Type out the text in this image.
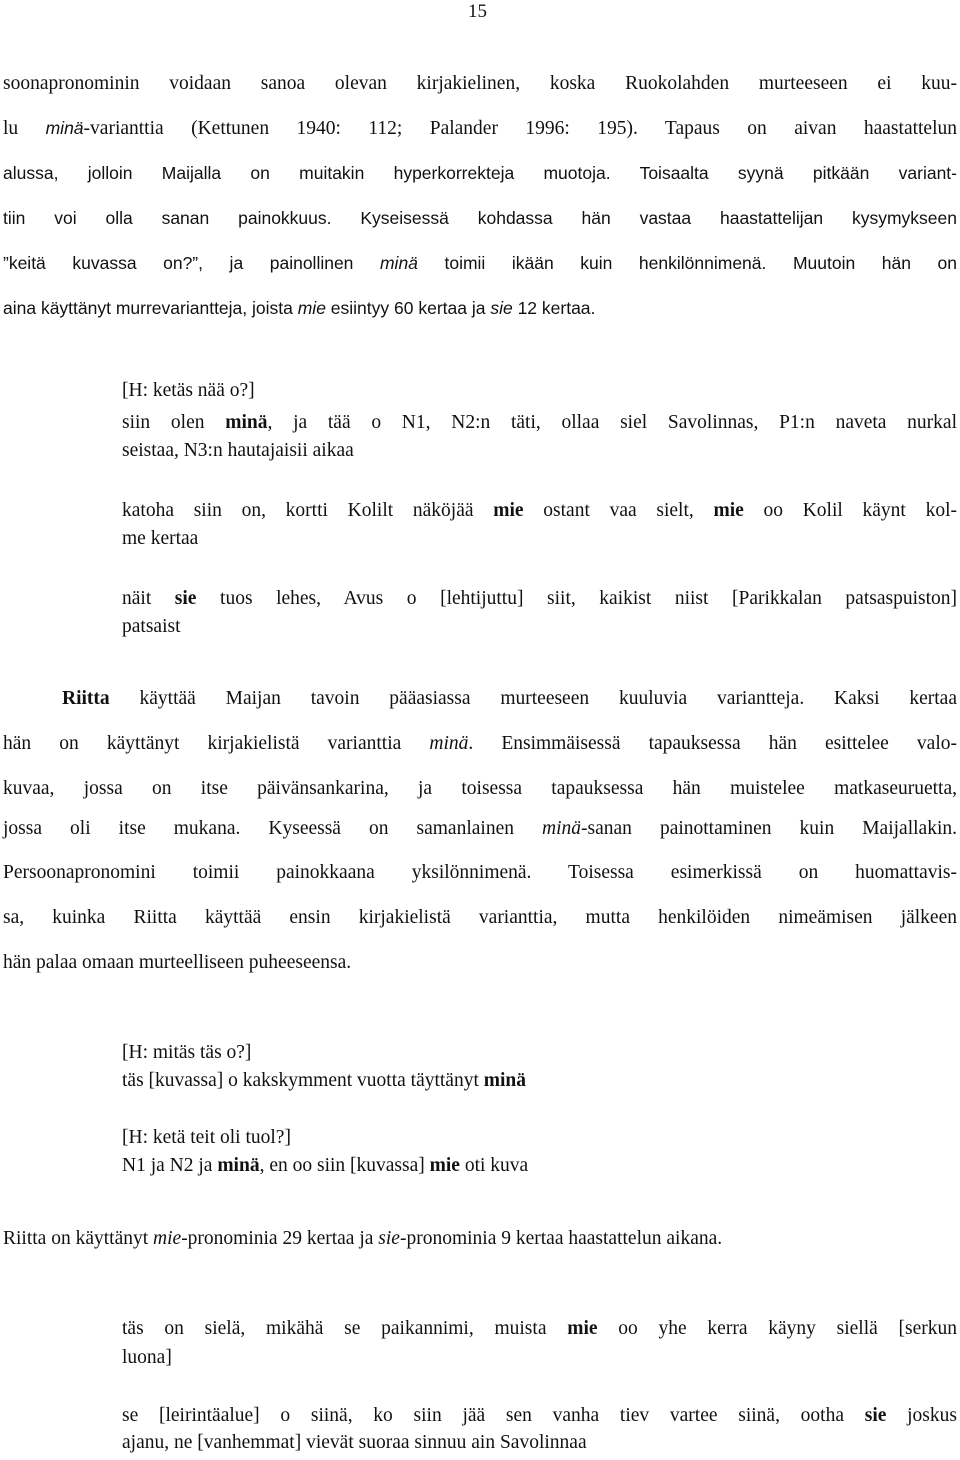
15
soonapronominin voidaan sanoa olevan kirjakielinen, koska Ruokolahden murteeseen ei kuu-
lu minä-varianttia (Kettunen 1940: 112; Palander 1996: 195). Tapaus on aivan haastattelun
alussa, jolloin Maijalla on muitakin hyperkorrekteja muotoja. Toisaalta syynä pitkään variant-
tiin voi olla sanan painokkuus. Kyseisessä kohdassa hän vastaa haastattelijan kysymykseen
”keitä kuvassa on?”, ja painollinen minä toimii ikään kuin henkilönnimenä. Muutoin hän on
aina käyttänyt murrevariantteja, joista mie esiintyy 60 kertaa ja sie 12 kertaa.
[H: ketäs nää o?]
siin olen minä, ja tää o N1, N2:n täti, ollaa siel Savolinnas, P1:n naveta nurkal
seistaa, N3:n hautajaisii aikaa
katoha siin on, kortti Kolilt näköjää mie ostant vaa sielt, mie oo Kolil käynt kol-
me kertaa
näit sie tuos lehes, Avus o [lehtijuttu] siit, kaikist niist [Parikkalan patsaspuiston]
patsaist
Riitta käyttää Maijan tavoin pääasiassa murteeseen kuuluvia variantteja. Kaksi kertaa
hän on käyttänyt kirjakielistä varianttia minä. Ensimmäisessä tapauksessa hän esittelee valo-
kuvaa, jossa on itse päivänsankarina, ja toisessa tapauksessa hän muistelee matkaseuruetta,
jossa oli itse mukana. Kyseessä on samanlainen minä-sanan painottaminen kuin Maijallakin.
Persoonapronomini toimii painokkaana yksilönnimenä. Toisessa esimerkissä on huomattavis-
sa, kuinka Riitta käyttää ensin kirjakielistä varianttia, mutta henkilöiden nimeämisen jälkeen
hän palaa omaan murteelliseen puheeseensa.
[H: mitäs täs o?]
täs [kuvassa] o kakskymment vuotta täyttänyt minä
[H: ketä teit oli tuol?]
N1 ja N2 ja minä, en oo siin [kuvassa] mie oti kuva
Riitta on käyttänyt mie-pronominia 29 kertaa ja sie-pronominia 9 kertaa haastattelun aikana.
täs on sielä, mikähä se paikannimi, muista mie oo yhe kerra käyny siellä [serkun
luona]
se [leirintäalue] o siinä, ko siin jää sen vanha tiev vartee siinä, ootha sie joskus
ajanu, ne [vanhemmat] vievät suoraa sinnuu ain Savolinnaa
